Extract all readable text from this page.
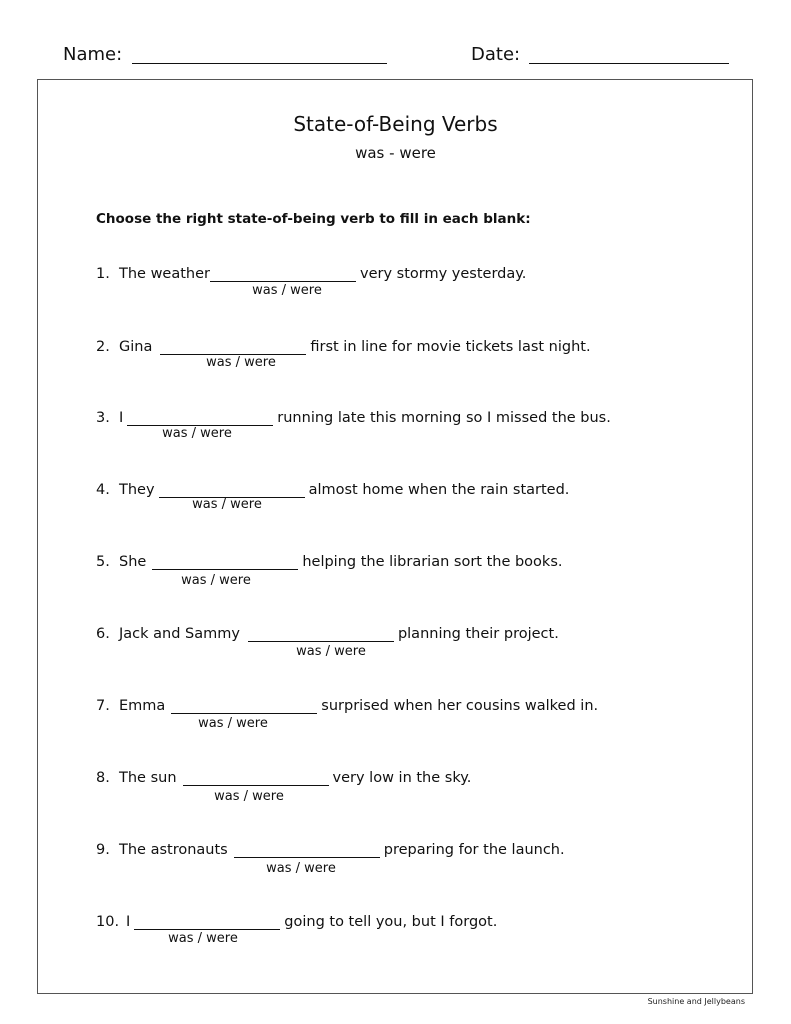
Name:	Date:
State-of-Being Verbs
was - were
Choose the right state-of-being verb to fill in each blank:
1. The weather	very stormy yesterday.
was / were
2. Gina	first in line for movie tickets last night.
was / were
3. I	running late this morning so I missed the bus.
was / were
4. They	almost home when the rain started.
was / were
5. She	helping the librarian sort the books.
was / were
6. Jack and Sammy	planning their project.
was / were
7. Emma	surprised when her cousins walked in.
was / were
8. The sun	very low in the sky.
was / were
9. The astronauts	preparing for the launch.
was / were
10. I	going to tell you, but I forgot.
was / were
Sunshine and Jellybeans
